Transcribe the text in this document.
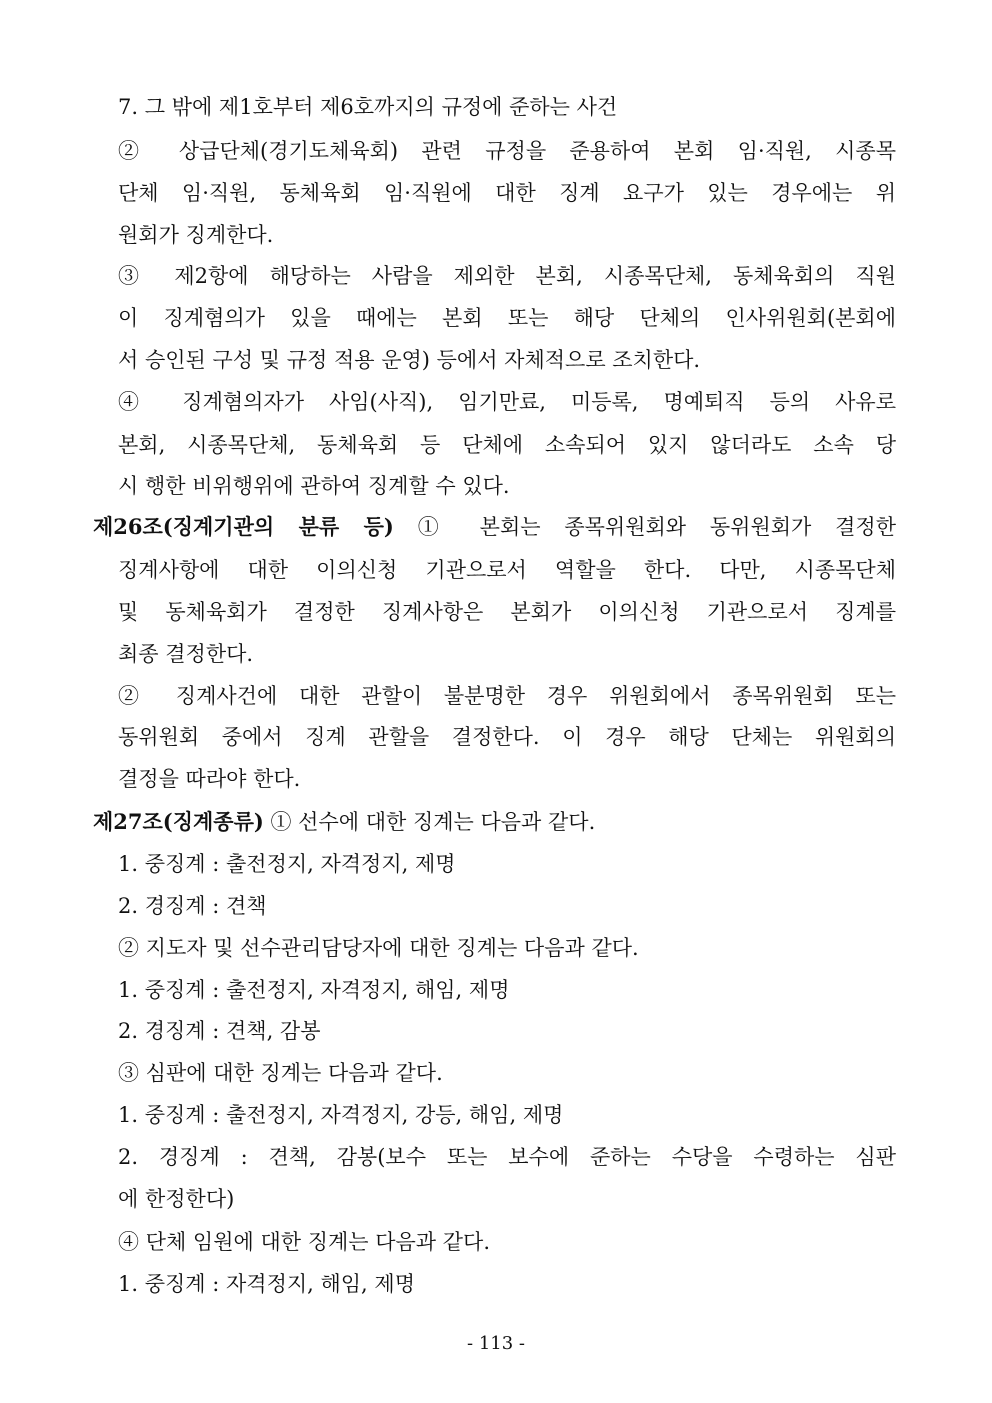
7. 그 밖에 제1호부터 제6호까지의 규정에 준하는 사건
② 상급단체(경기도체육회) 관련 규정을 준용하여 본회 임·직원, 시종목
단체 임·직원, 동체육회 임·직원에 대한 징계 요구가 있는 경우에는 위
원회가 징계한다.
③ 제2항에 해당하는 사람을 제외한 본회, 시종목단체, 동체육회의 직원
이 징계혐의가 있을 때에는 본회 또는 해당 단체의 인사위원회(본회에
서 승인된 구성 및 규정 적용 운영) 등에서 자체적으로 조치한다.
④ 징계혐의자가 사임(사직), 임기만료, 미등록, 명예퇴직 등의 사유로
본회, 시종목단체, 동체육회 등 단체에 소속되어 있지 않더라도 소속 당
시 행한 비위행위에 관하여 징계할 수 있다.
제26조(징계기관의 분류 등) ① 본회는 종목위원회와 동위원회가 결정한
징계사항에 대한 이의신청 기관으로서 역할을 한다. 다만, 시종목단체
및 동체육회가 결정한 징계사항은 본회가 이의신청 기관으로서 징계를
최종 결정한다.
② 징계사건에 대한 관할이 불분명한 경우 위원회에서 종목위원회 또는
동위원회 중에서 징계 관할을 결정한다. 이 경우 해당 단체는 위원회의
결정을 따라야 한다.
제27조(징계종류) ① 선수에 대한 징계는 다음과 같다.
1. 중징계 : 출전정지, 자격정지, 제명
2. 경징계 : 견책
② 지도자 및 선수관리담당자에 대한 징계는 다음과 같다.
1. 중징계 : 출전정지, 자격정지, 해임, 제명
2. 경징계 : 견책, 감봉
③ 심판에 대한 징계는 다음과 같다.
1. 중징계 : 출전정지, 자격정지, 강등, 해임, 제명
2. 경징계 : 견책, 감봉(보수 또는 보수에 준하는 수당을 수령하는 심판
에 한정한다)
④ 단체 임원에 대한 징계는 다음과 같다.
1. 중징계 : 자격정지, 해임, 제명
- 113 -
